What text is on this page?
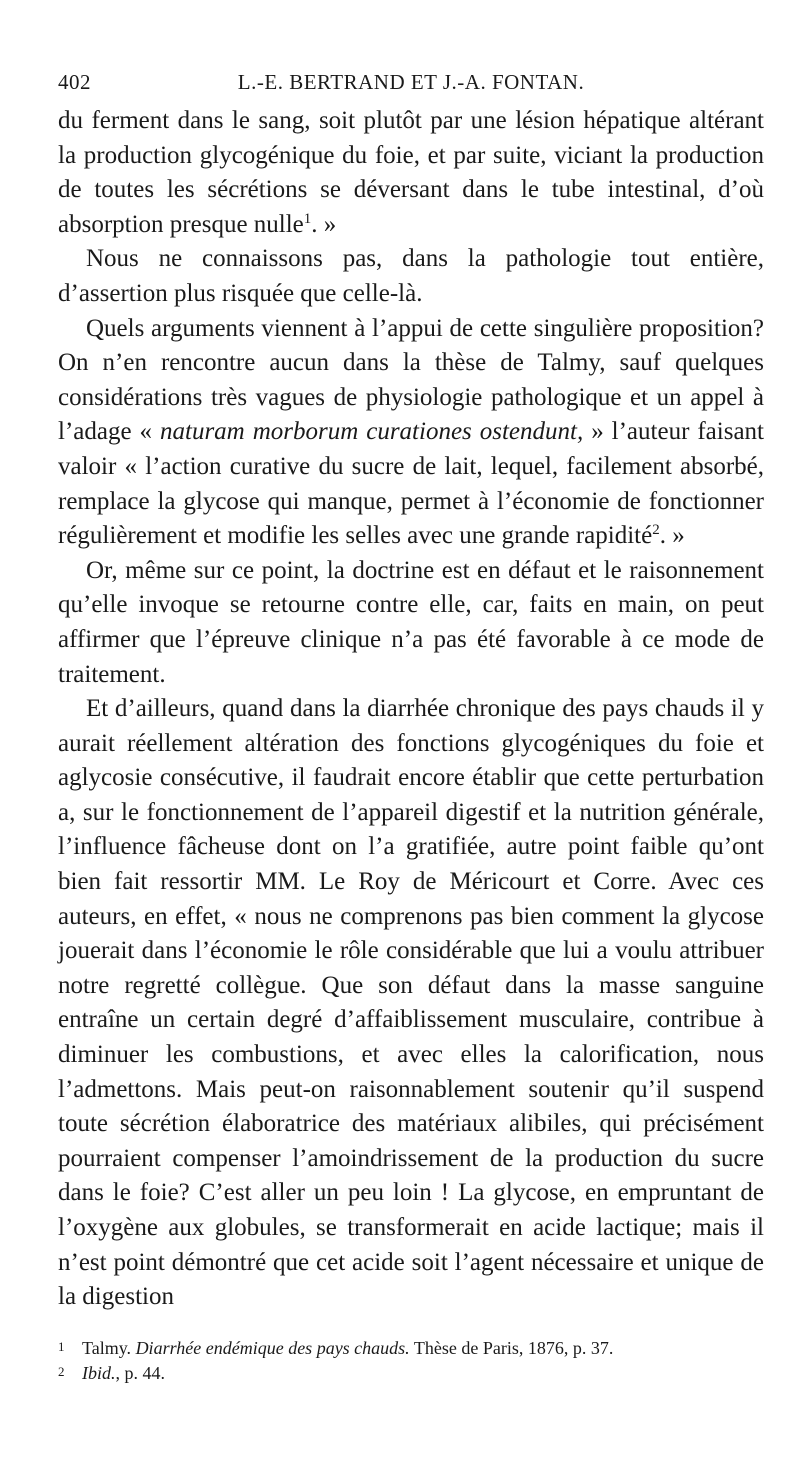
402	L.-E. BERTRAND ET J.-A. FONTAN.

du ferment dans le sang, soit plutôt par une lésion hépatique altérant la production glycogénique du foie, et par suite, viciant la production de toutes les sécrétions se déversant dans le tube intestinal, d’où absorption presque nulle$^1$. »

Nous ne connaissons pas, dans la pathologie tout entière, d’assertion plus risquée que celle-là.

Quels arguments viennent à l’appui de cette singulière proposition? On n’en rencontre aucun dans la thèse de Talmy, sauf quelques considérations très vagues de physiologie pathologique et un appel à l’adage « naturam morborum curationes ostendunt, » l’auteur faisant valoir « l’action curative du sucre de lait, lequel, facilement absorbé, remplace la glycose qui manque, permet à l’économie de fonctionner régulièrement et modifie les selles avec une grande rapidité$^2$. »

Or, même sur ce point, la doctrine est en défaut et le raisonnement qu’elle invoque se retourne contre elle, car, faits en main, on peut affirmer que l’épreuve clinique n’a pas été favorable à ce mode de traitement.

Et d’ailleurs, quand dans la diarrhée chronique des pays chauds il y aurait réellement altération des fonctions glycogéniques du foie et aglycosie consécutive, il faudrait encore établir que cette perturbation a, sur le fonctionnement de l’appareil digestif et la nutrition générale, l’influence fâcheuse dont on l’a gratifiée, autre point faible qu’ont bien fait ressortir MM. Le Roy de Méricourt et Corre. Avec ces auteurs, en effet, « nous ne comprenons pas bien comment la glycose jouerait dans l’économie le rôle considérable que lui a voulu attribuer notre regretté collègue. Que son défaut dans la masse sanguine entraîne un certain degré d’affaiblissement musculaire, contribue à diminuer les combustions, et avec elles la calorification, nous l’admettons. Mais peut-on raisonnablement soutenir qu’il suspend toute sécrétion élaboratrice des matériaux alibiles, qui précisément pourraient compenser l’amoindrissement de la production du sucre dans le foie? C’est aller un peu loin ! La glycose, en empruntant de l’oxygène aux globules, se transformerait en acide lactique; mais il n’est point démontré que cet acide soit l’agent nécessaire et unique de la digestion

1 Talmy. Diarrhée endémique des pays chauds. Thèse de Paris, 1876, p. 37.

2 Ibid., p. 44.
